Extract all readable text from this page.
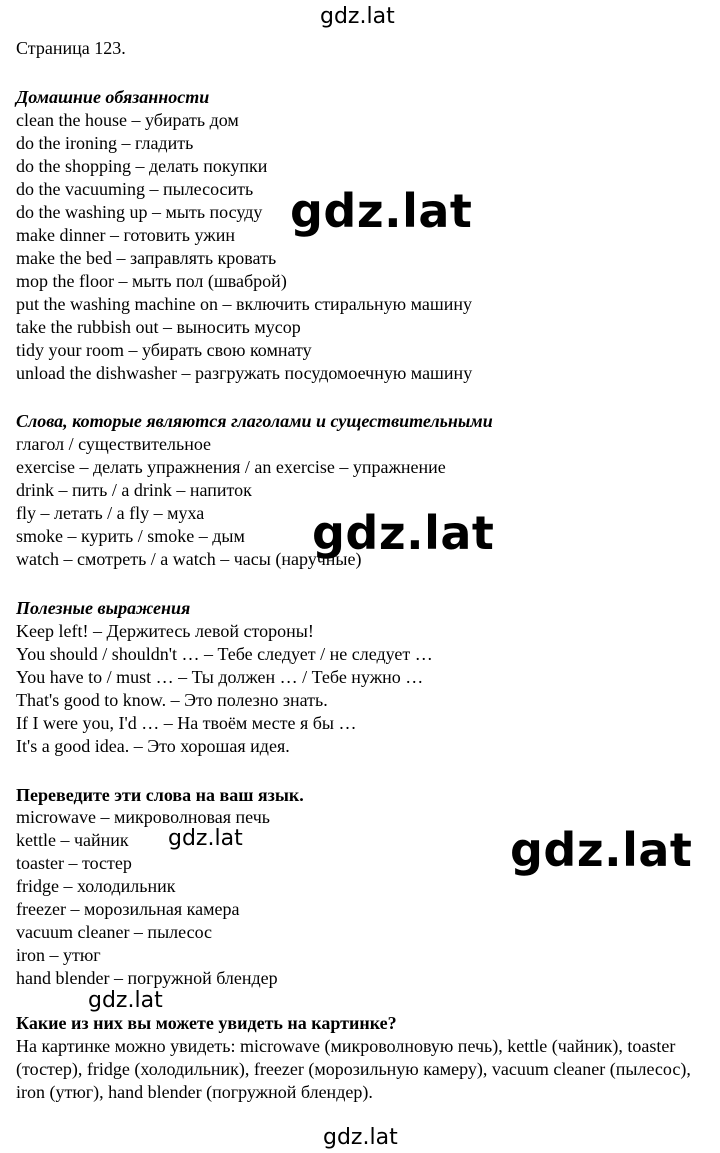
gdz.lat
gdz.lat
gdz.lat
gdz.lat	gdz.lat
gdz.lat
gdz.lat
Страница 123.
Домашние обязанности
clean the house – убирать дом
do the ironing – гладить
do the shopping – делать покупки
do the vacuuming – пылесосить
do the washing up – мыть посуду
make dinner – готовить ужин
make the bed – заправлять кровать
mop the floor – мыть пол (шваброй)
put the washing machine on – включить стиральную машину
take the rubbish out – выносить мусор
tidy your room – убирать свою комнату
unload the dishwasher – разгружать посудомоечную машину
Слова, которые являются глаголами и существительными
глагол / существительное
exercise – делать упражнения / an exercise – упражнение
drink – пить / a drink – напиток
fly – летать / a fly – муха
smoke – курить / smoke – дым
watch – смотреть / a watch – часы (наручные)
Полезные выражения
Keep left! – Держитесь левой стороны!
You should / shouldn't … – Тебе следует / не следует …
You have to / must … – Ты должен … / Тебе нужно …
That's good to know. – Это полезно знать.
If I were you, I'd … – На твоём месте я бы …
It's a good idea. – Это хорошая идея.
Переведите эти слова на ваш язык.
microwave – микроволновая печь
kettle – чайник
toaster – тостер
fridge – холодильник
freezer – морозильная камера
vacuum cleaner – пылесос
iron – утюг
hand blender – погружной блендер
Какие из них вы можете увидеть на картинке?
На картинке можно увидеть: microwave (микроволновую печь), kettle (чайник), toaster (тостер), fridge (холодильник), freezer (морозильную камеру), vacuum cleaner (пылесос), iron (утюг), hand blender (погружной блендер).
